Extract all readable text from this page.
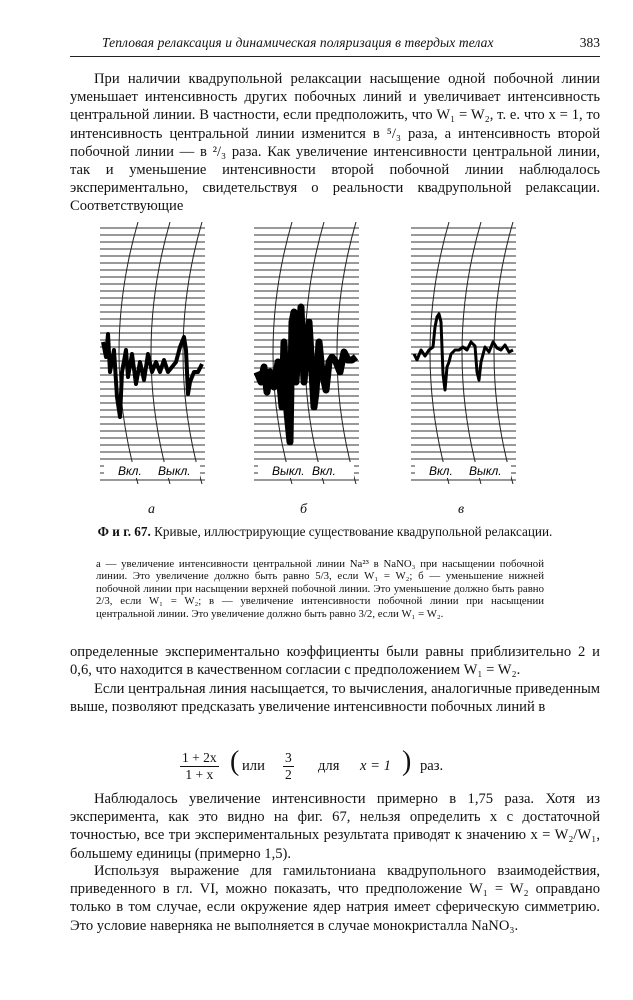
Тепловая релаксация и динамическая поляризация в твердых телах	383

При наличии квадрупольной релаксации насыщение одной побочной линии уменьшает интенсивность других побочных линий и увеличивает интенсивность центральной линии. В частности, если предположить, что W₁ = W₂, т. е. что x = 1, то интенсивность центральной линии изменится в ⁵/₃ раза, а интенсивность второй побочной линии — в ²/₃ раза. Как увеличение интенсивности центральной линии, так и уменьшение интенсивности второй побочной линии наблюдалось экспериментально, свидетельствуя о реальности квадрупольной релаксации. Соответствующие

Вкл. Выкл.	Выкл. Вкл.	Вкл. Выкл.
а	б	в

Ф и г. 67. Кривые, иллюстрирующие существование квадрупольной релаксации.

а — увеличение интенсивности центральной линии Na²³ в NaNO₃ при насыщении побочной линии. Это увеличение должно быть равно 5/3, если W₁ = W₂; б — уменьшение нижней побочной линии при насыщении верхней побочной линии. Это уменьшение должно быть равно 2/3, если W₁ = W₂; в — увеличение интенсивности побочной линии при насыщении центральной линии. Это увеличение должно быть равно 3/2, если W₁ = W₂.

определенные экспериментально коэффициенты были равны приблизительно 2 и 0,6, что находится в качественном согласии с предположением W₁ = W₂.

Если центральная линия насыщается, то вычисления, аналогичные приведенным выше, позволяют предсказать увеличение интенсивности побочных линий в

$\frac{1 + 2x}{1 + x}$ ( или $\frac{3}{2}$ для x = 1 ) раз.

Наблюдалось увеличение интенсивности примерно в 1,75 раза. Хотя из эксперимента, как это видно на фиг. 67, нельзя определить x с достаточной точностью, все три экспериментальных результата приводят к значению x = W₂/W₁, большему единицы (примерно 1,5).

Используя выражение для гамильтониана квадрупольного взаимодействия, приведенного в гл. VI, можно показать, что предположение W₁ = W₂ оправдано только в том случае, если окружение ядер натрия имеет сферическую симметрию. Это условие наверняка не выполняется в случае монокристалла NaNO₃.
